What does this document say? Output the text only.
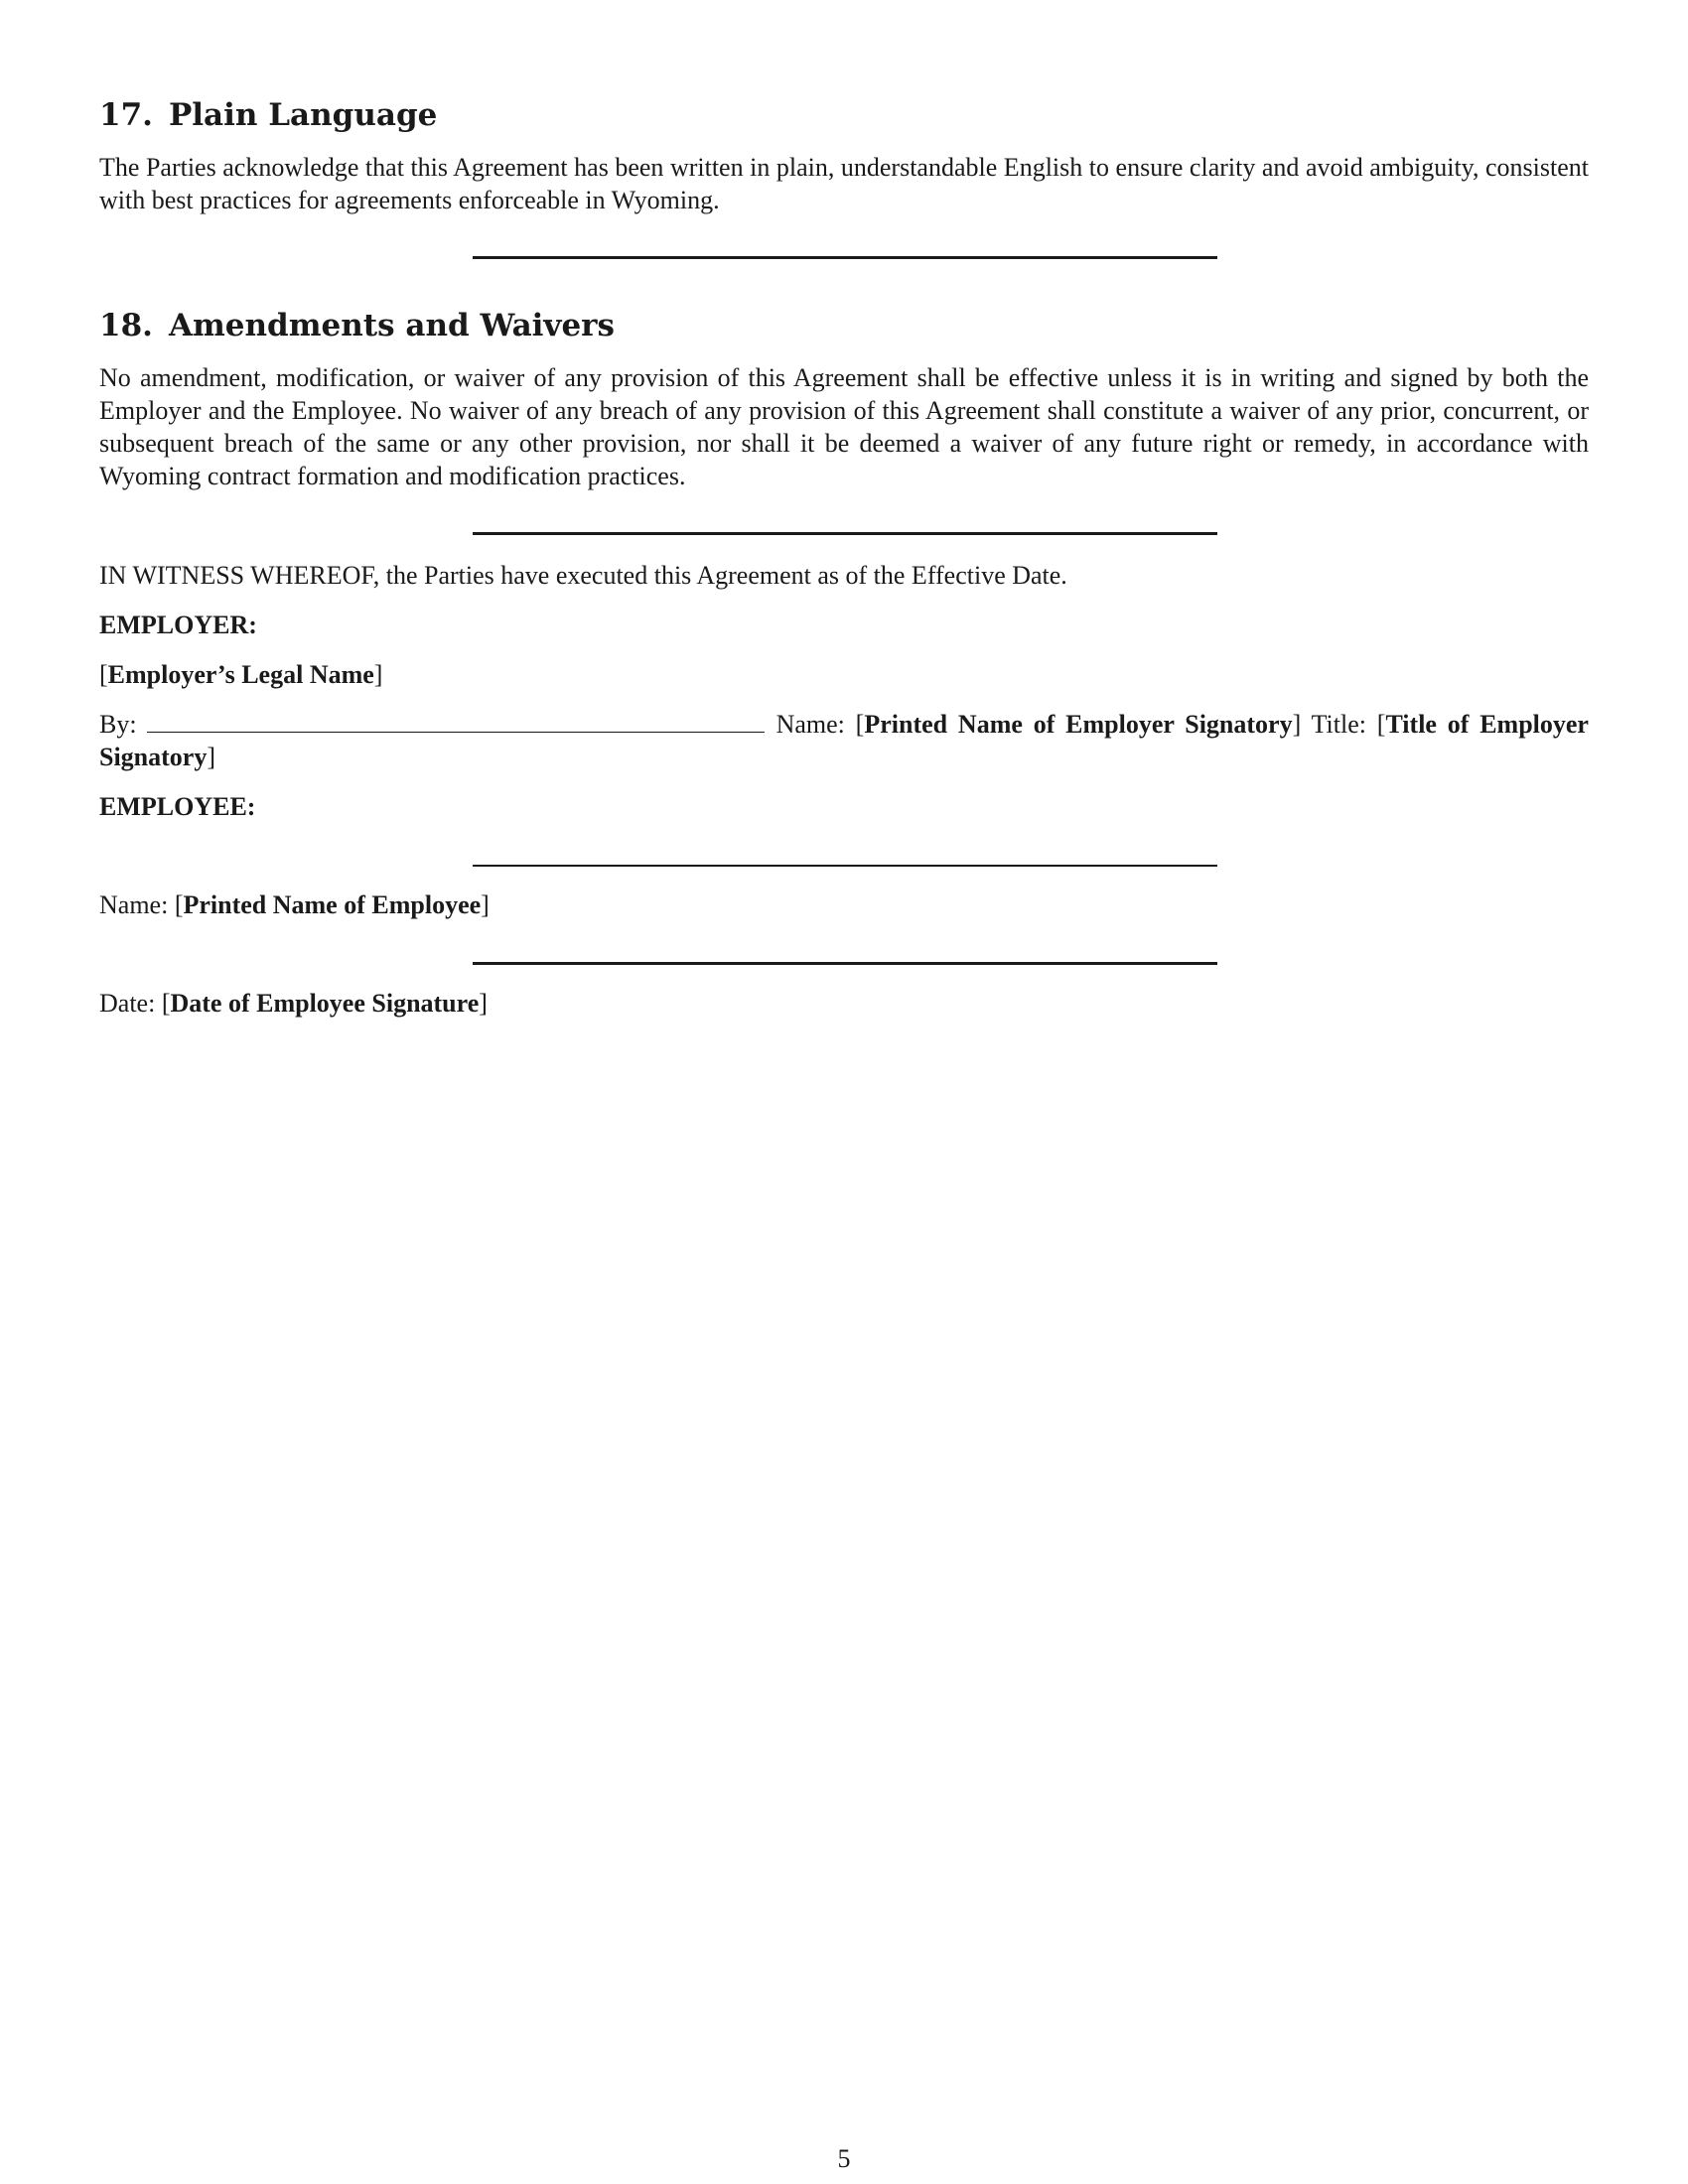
17. Plain Language

The Parties acknowledge that this Agreement has been written in plain, understandable English to ensure clarity and avoid ambiguity, consistent with best practices for agreements enforceable in Wyoming.

18. Amendments and Waivers

No amendment, modification, or waiver of any provision of this Agreement shall be effective unless it is in writing and signed by both the Employer and the Employee. No waiver of any breach of any provision of this Agreement shall constitute a waiver of any prior, concurrent, or subsequent breach of the same or any other provision, nor shall it be deemed a waiver of any future right or remedy, in accordance with Wyoming contract formation and modification practices.

IN WITNESS WHEREOF, the Parties have executed this Agreement as of the Effective Date.

EMPLOYER:

[Employer’s Legal Name]

By:	Name: [Printed Name of Employer Signatory] Title: [Title of Employer Signatory]

EMPLOYEE:

Name: [Printed Name of Employee]

Date: [Date of Employee Signature]

5
